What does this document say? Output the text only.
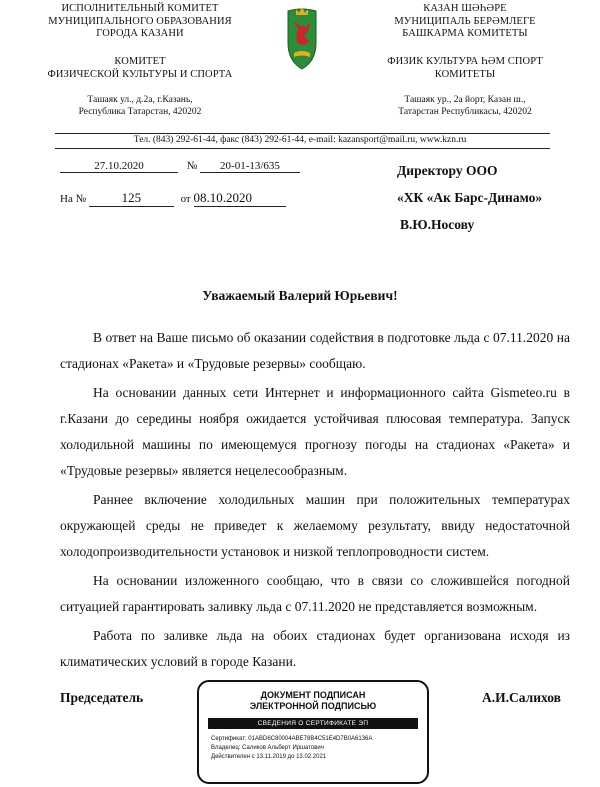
ИСПОЛНИТЕЛЬНЫЙ КОМИТЕТ
МУНИЦИПАЛЬНОГО ОБРАЗОВАНИЯ
ГОРОДА КАЗАНИ
КОМИТЕТ
ФИЗИЧЕСКОЙ КУЛЬТУРЫ И СПОРТА
Ташаяк ул., д.2а, г.Казань,
Республика Татарстан, 420202
КАЗАН ШӘҺӘРЕ
МУНИЦИПАЛЬ БЕРӘМЛЕГЕ
БАШКАРМА КОМИТЕТЫ
ФИЗИК КУЛЬТУРА ҺӘМ СПОРТ
КОМИТЕТЫ
Ташаяк ур., 2а йорт, Казан ш.,
Татарстан Республикасы, 420202
Тел. (843) 292-61-44, факс (843) 292-61-44, e-mail: kazansport@mail.ru, www.kzn.ru
27.10.2020	№ 20-01-13/635
На №	125	от 08.10.2020
Директору ООО
«ХК «Ак Барс-Динамо»
В.Ю.Носову
Уважаемый Валерий Юрьевич!

В ответ на Ваше письмо об оказании содействия в подготовке льда с 07.11.2020 на стадионах «Ракета» и «Трудовые резервы» сообщаю.

На основании данных сети Интернет и информационного сайта Gismeteo.ru в г.Казани до середины ноября ожидается устойчивая плюсовая температура. Запуск холодильной машины по имеющемуся прогнозу погоды на стадионах «Ракета» и «Трудовые резервы» является нецелесообразным.

Раннее включение холодильных машин при положительных температурах окружающей среды не приведет к желаемому результату, ввиду недостаточной холодопроизводительности установок и низкой теплопроводности систем.

На основании изложенного сообщаю, что в связи со сложившейся погодной ситуацией гарантировать заливку льда с 07.11.2020 не представляется возможным.

Работа по заливке льда на обоих стадионах будет организована исходя из климатических условий в городе Казани.

Председатель	А.И.Салихов
ДОКУМЕНТ ПОДПИСАН
ЭЛЕКТРОННОЙ ПОДПИСЬЮ
СВЕДЕНИЯ О СЕРТИФИКАТЕ ЭП
Сертификат: 01ABD6C80004ABE78B4C51E4D7B0A6136A
Владелец: Саликов Альберт Иршатович
Действителен с 13.11.2019 до 13.02.2021
